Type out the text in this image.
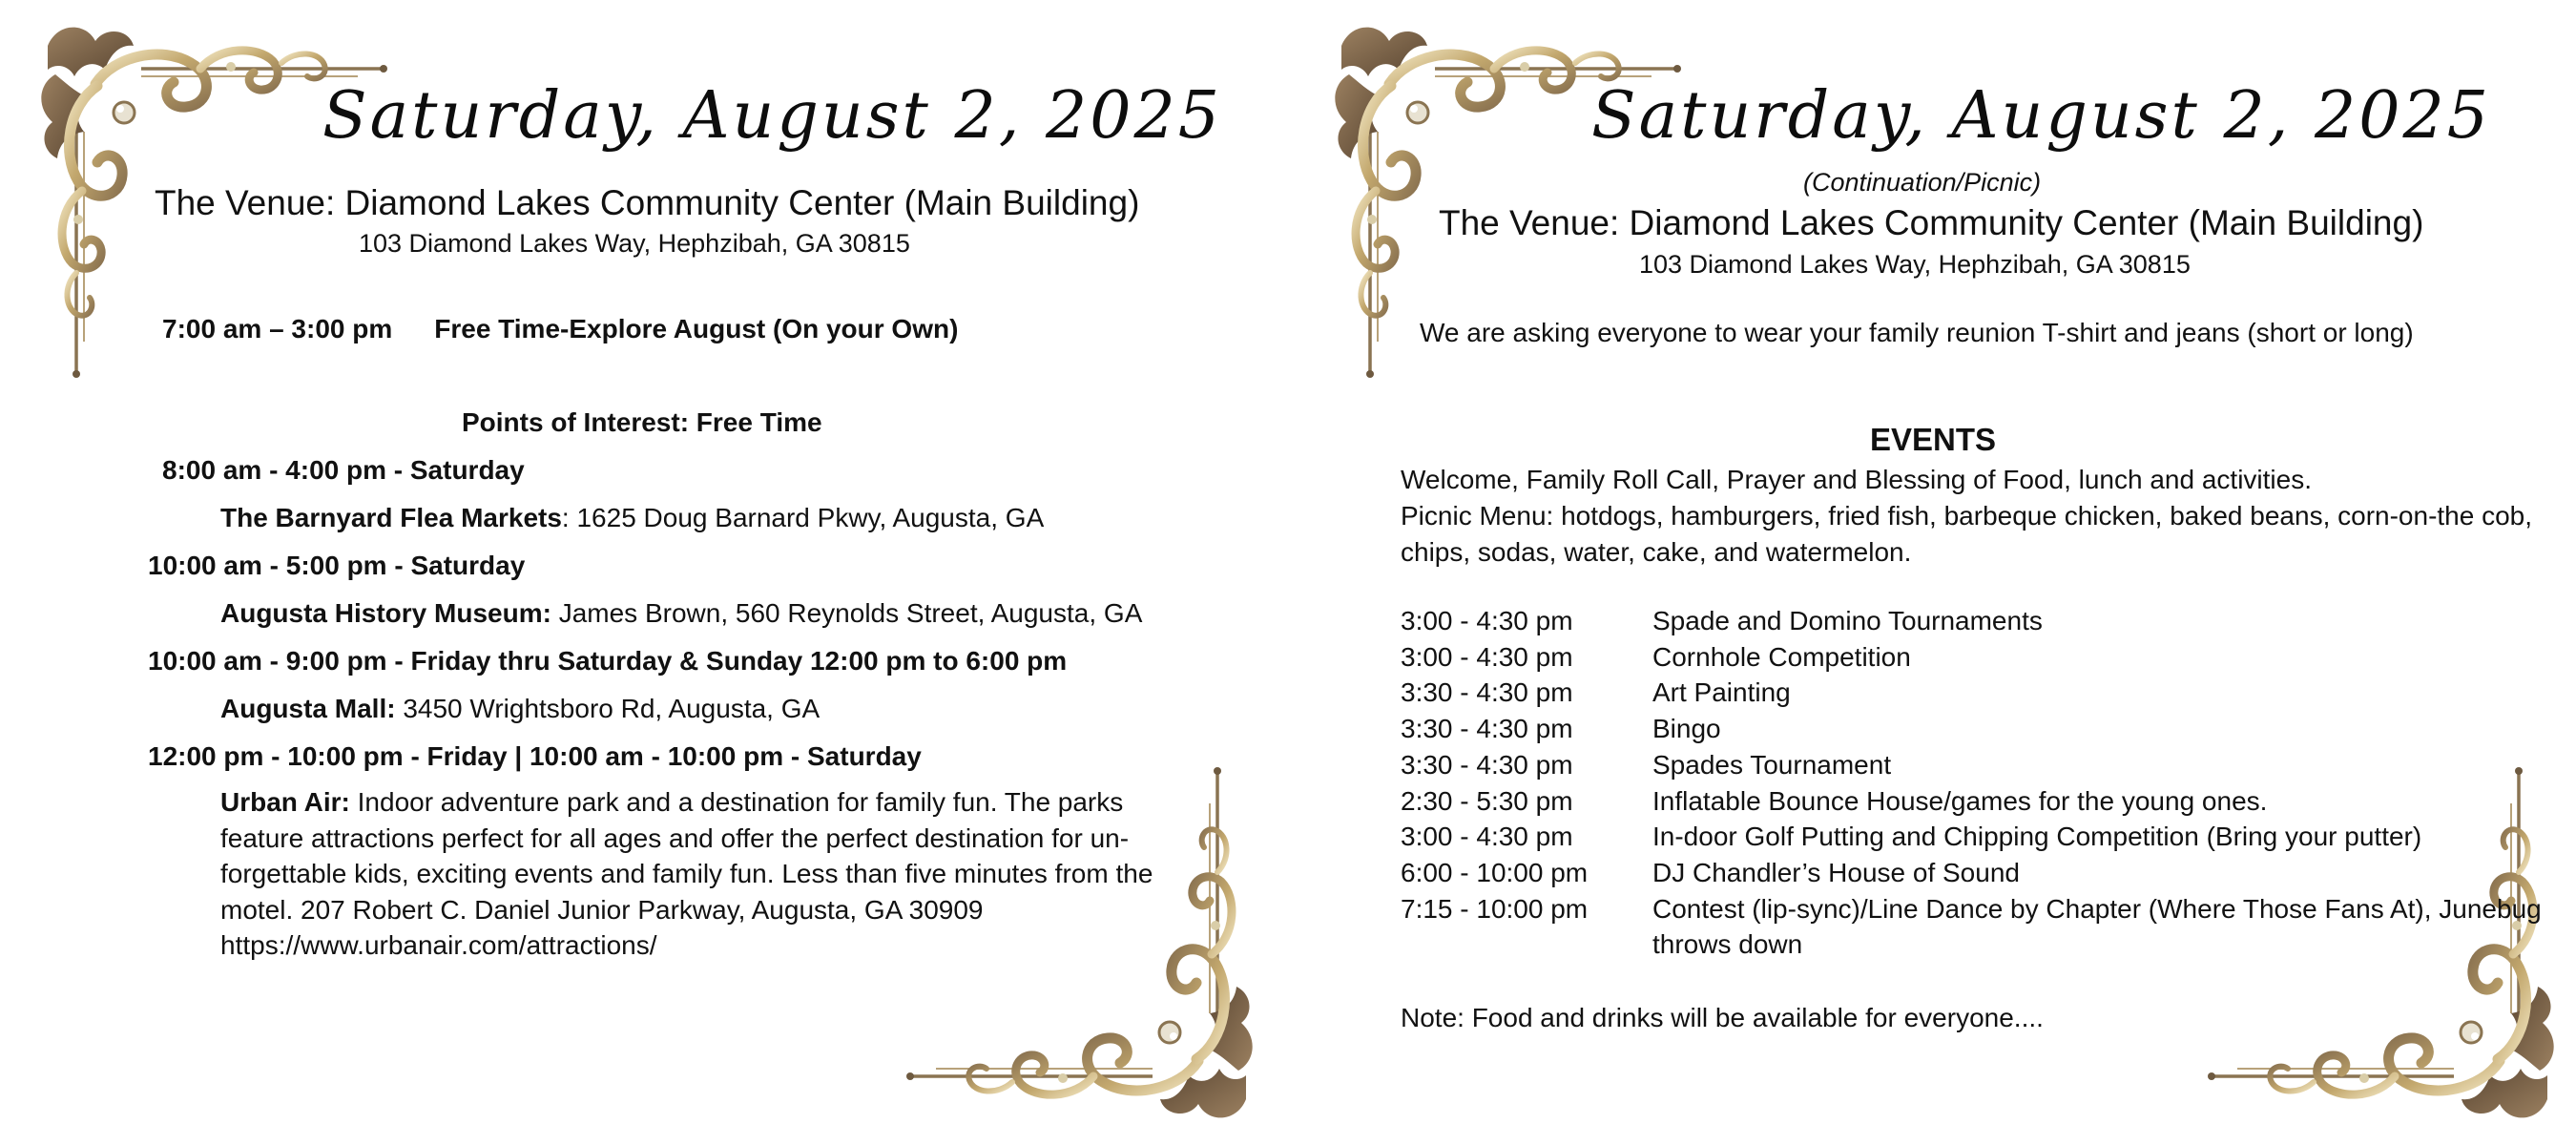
Saturday, August 2, 2025
The Venue: Diamond Lakes Community Center (Main Building)
103 Diamond Lakes Way, Hephzibah, GA 30815
7:00 am – 3:00 pm Free Time-Explore August (On your Own)
Points of Interest: Free Time
8:00 am - 4:00 pm - Saturday
The Barnyard Flea Markets: 1625 Doug Barnard Pkwy, Augusta, GA
10:00 am - 5:00 pm - Saturday
Augusta History Museum: James Brown, 560 Reynolds Street, Augusta, GA
10:00 am - 9:00 pm - Friday thru Saturday & Sunday 12:00 pm to 6:00 pm
Augusta Mall: 3450 Wrightsboro Rd, Augusta, GA
12:00 pm - 10:00 pm - Friday | 10:00 am - 10:00 pm - Saturday
Urban Air: Indoor adventure park and a destination for family fun. The parks feature attractions perfect for all ages and offer the perfect destination for un-forgettable kids, exciting events and family fun. Less than five minutes from the motel. 207 Robert C. Daniel Junior Parkway, Augusta, GA 30909 https://www.urbanair.com/attractions/
Saturday, August 2, 2025
(Continuation/Picnic)
The Venue: Diamond Lakes Community Center (Main Building)
103 Diamond Lakes Way, Hephzibah, GA 30815
We are asking everyone to wear your family reunion T-shirt and jeans (short or long)
EVENTS
Welcome, Family Roll Call, Prayer and Blessing of Food, lunch and activities.
Picnic Menu: hotdogs, hamburgers, fried fish, barbeque chicken, baked beans, corn-on-the cob, chips, sodas, water, cake, and watermelon.
3:00 - 4:30 pm	Spade and Domino Tournaments
3:00 - 4:30 pm	Cornhole Competition
3:30 - 4:30 pm	Art Painting
3:30 - 4:30 pm	Bingo
3:30 - 4:30 pm	Spades Tournament
2:30 - 5:30 pm	Inflatable Bounce House/games for the young ones.
3:00 - 4:30 pm	In-door Golf Putting and Chipping Competition (Bring your putter)
6:00 - 10:00 pm	DJ Chandler’s House of Sound
7:15 - 10:00 pm	Contest (lip-sync)/Line Dance by Chapter (Where Those Fans At), Junebug throws down
Note: Food and drinks will be available for everyone....
